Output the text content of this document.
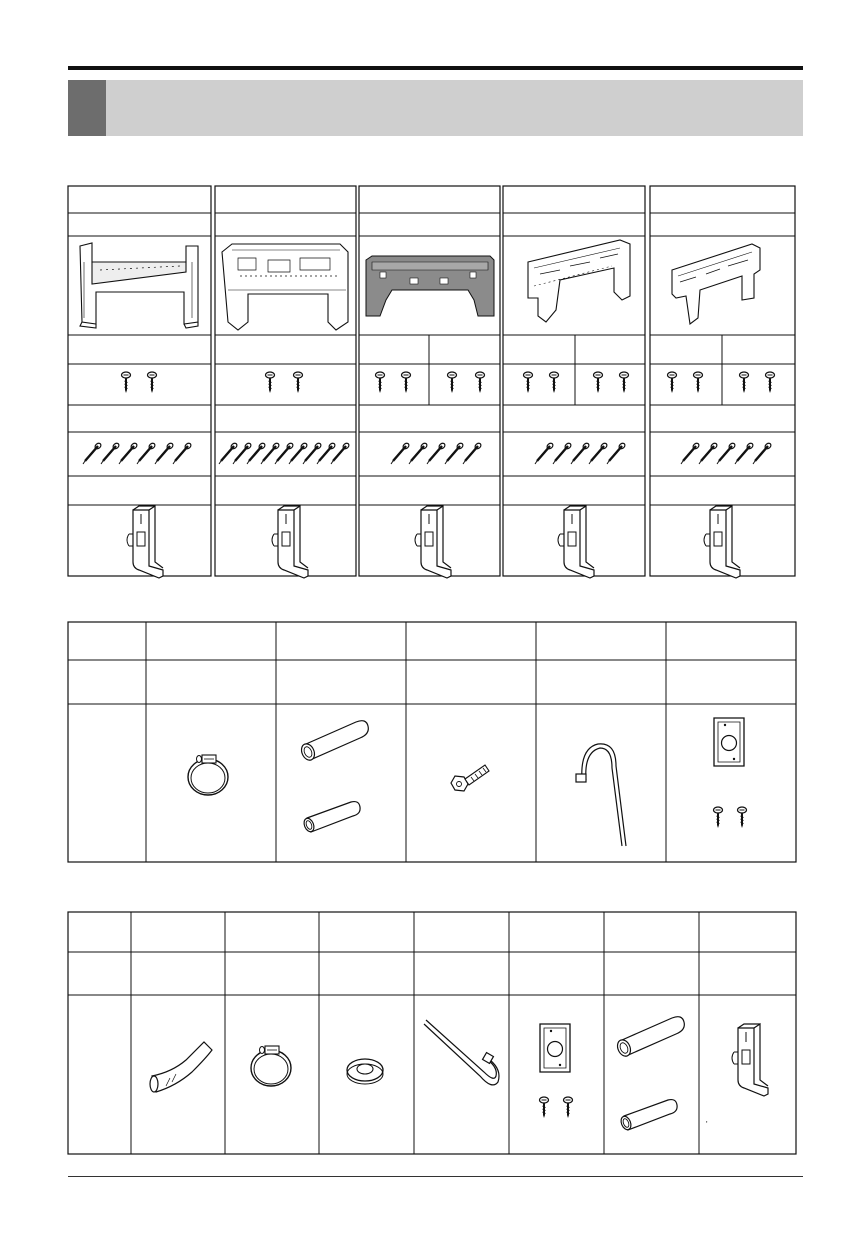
'
